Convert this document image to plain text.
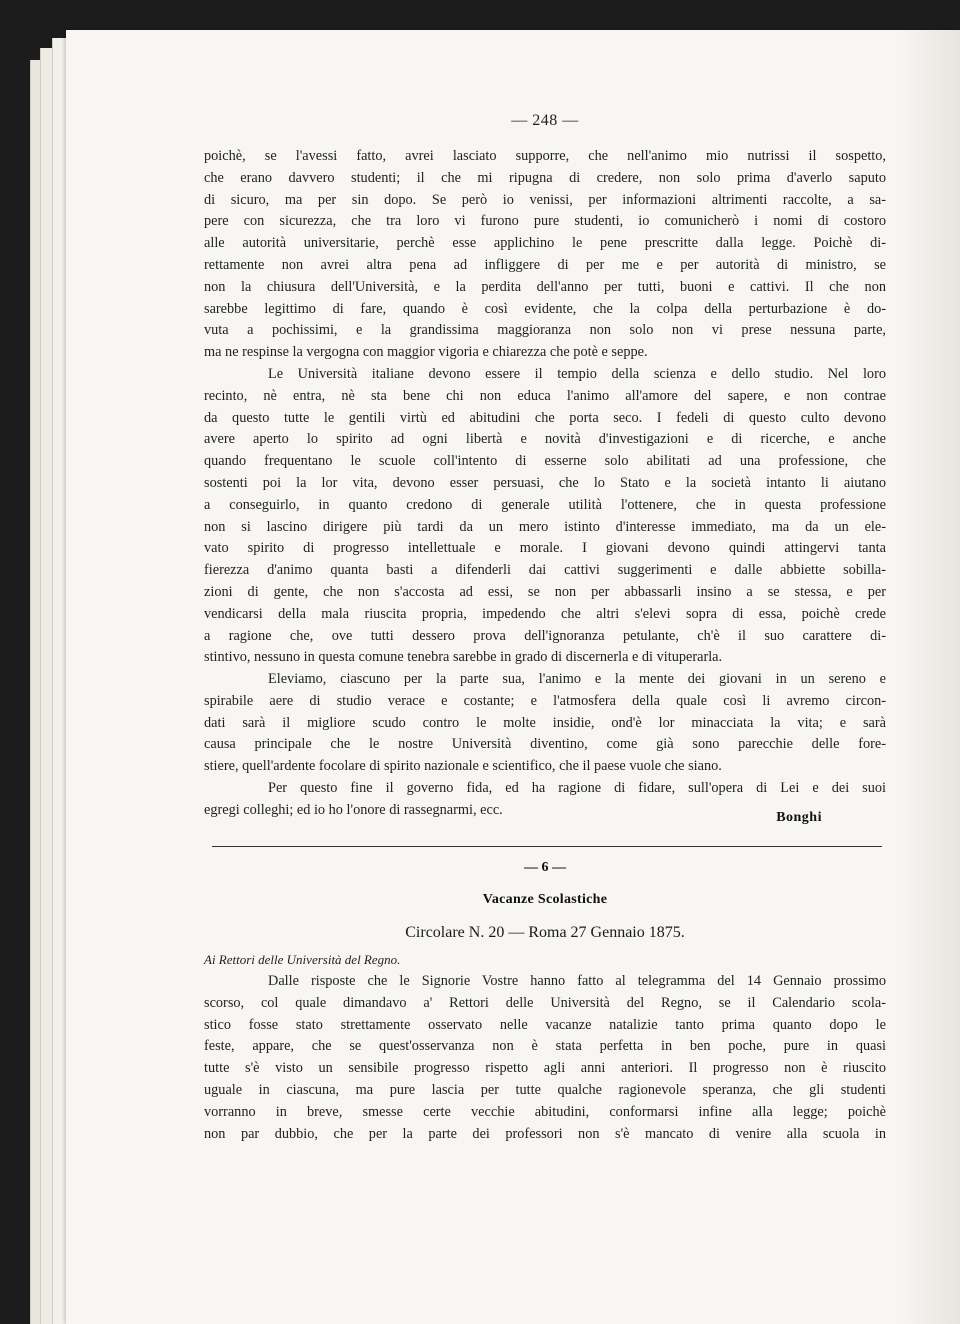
— 248 —
poichè, se l'avessi fatto, avrei lasciato supporre, che nell'animo mio nutrissi il sospetto,
che erano davvero studenti; il che mi ripugna di credere, non solo prima d'averlo saputo
di sicuro, ma per sin dopo. Se però io venissi, per informazioni altrimenti raccolte, a sa-
pere con sicurezza, che tra loro vi furono pure studenti, io comunicherò i nomi di costoro
alle autorità universitarie, perchè esse applichino le pene prescritte dalla legge. Poichè di-
rettamente non avrei altra pena ad infliggere di per me e per autorità di ministro, se
non la chiusura dell'Università, e la perdita dell'anno per tutti, buoni e cattivi. Il che non
sarebbe legittimo di fare, quando è così evidente, che la colpa della perturbazione è do-
vuta a pochissimi, e la grandissima maggioranza non solo non vi prese nessuna parte,
ma ne respinse la vergogna con maggior vigoria e chiarezza che potè e seppe.
Le Università italiane devono essere il tempio della scienza e dello studio. Nel loro
recinto, nè entra, nè sta bene chi non educa l'animo all'amore del sapere, e non contrae
da questo tutte le gentili virtù ed abitudini che porta seco. I fedeli di questo culto devono
avere aperto lo spirito ad ogni libertà e novità d'investigazioni e di ricerche, e anche
quando frequentano le scuole coll'intento di esserne solo abilitati ad una professione, che
sostenti poi la lor vita, devono esser persuasi, che lo Stato e la società intanto li aiutano
a conseguirlo, in quanto credono di generale utilità l'ottenere, che in questa professione
non si lascino dirigere più tardi da un mero istinto d'interesse immediato, ma da un ele-
vato spirito di progresso intellettuale e morale. I giovani devono quindi attingervi tanta
fierezza d'animo quanta basti a difenderli dai cattivi suggerimenti e dalle abbiette sobilla-
zioni di gente, che non s'accosta ad essi, se non per abbassarli insino a se stessa, e per
vendicarsi della mala riuscita propria, impedendo che altri s'elevi sopra di essa, poichè crede
a ragione che, ove tutti dessero prova dell'ignoranza petulante, ch'è il suo carattere di-
stintivo, nessuno in questa comune tenebra sarebbe in grado di discernerla e di vituperarla.
Eleviamo, ciascuno per la parte sua, l'animo e la mente dei giovani in un sereno e
spirabile aere di studio verace e costante; e l'atmosfera della quale così li avremo circon-
dati sarà il migliore scudo contro le molte insidie, ond'è lor minacciata la vita; e sarà
causa principale che le nostre Università diventino, come già sono parecchie delle fore-
stiere, quell'ardente focolare di spirito nazionale e scientifico, che il paese vuole che siano.
Per questo fine il governo fida, ed ha ragione di fidare, sull'opera di Lei e dei suoi
egregi colleghi; ed io ho l'onore di rassegnarmi, ecc.	Bonghi
— 6 —
Vacanze Scolastiche
Circolare N. 20 — Roma 27 Gennaio 1875.
Ai Rettori delle Università del Regno.
Dalle risposte che le Signorie Vostre hanno fatto al telegramma del 14 Gennaio prossimo
scorso, col quale dimandavo a' Rettori delle Università del Regno, se il Calendario scola-
stico fosse stato strettamente osservato nelle vacanze natalizie tanto prima quanto dopo le
feste, appare, che se quest'osservanza non è stata perfetta in ben poche, pure in quasi
tutte s'è visto un sensibile progresso rispetto agli anni anteriori. Il progresso non è riuscito
uguale in ciascuna, ma pure lascia per tutte qualche ragionevole speranza, che gli studenti
vorranno in breve, smesse certe vecchie abitudini, conformarsi infine alla legge; poichè
non par dubbio, che per la parte dei professori non s'è mancato di venire alla scuola in
